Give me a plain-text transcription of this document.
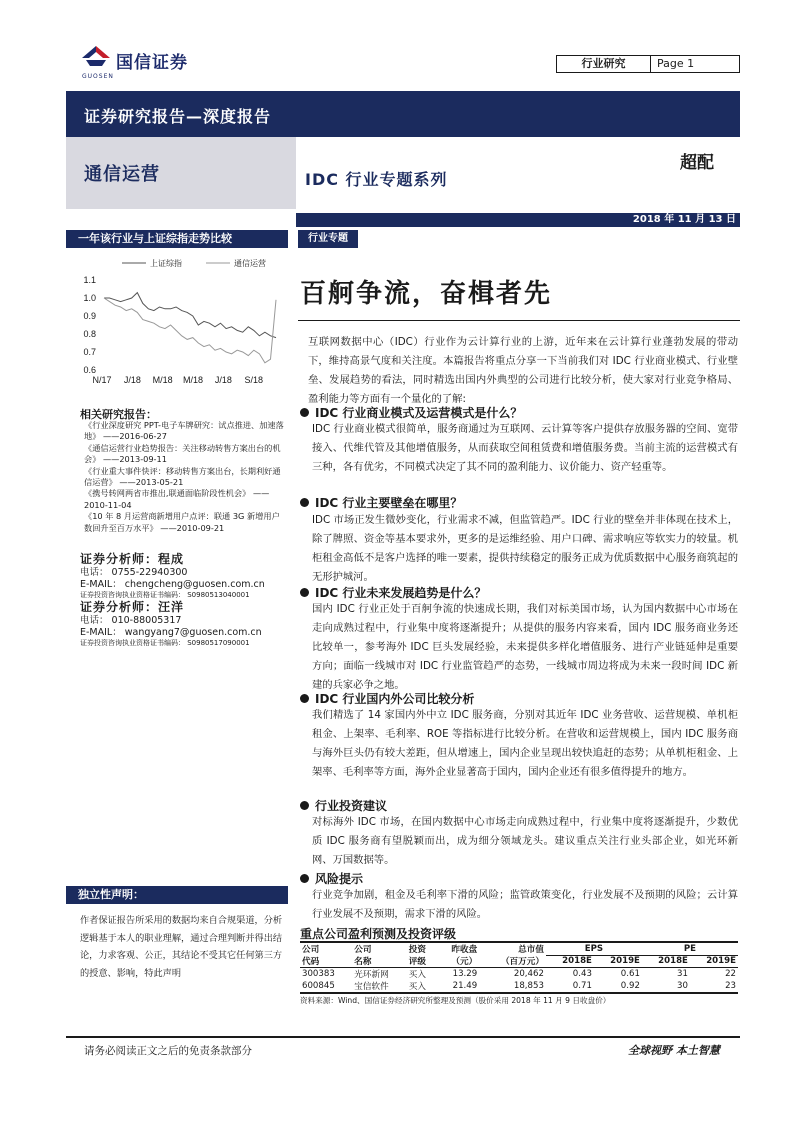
国信证券
GUOSEN
行业研究	Page 1
证券研究报告—深度报告
通信运营	IDC 行业专题系列
超配
2018 年 11 月 13 日
一年该行业与上证综指走势比较
1.1
1.0
0.9
0.8
0.7
0.6
N/17 J/18 M/18 M/18 J/18 S/18
上证综指	通信运营
相关研究报告：
《行业深度研究 PPT-电子车牌研究：试点推进、加速落地》 ——2016-06-27
《通信运营行业趋势报告：关注移动转售方案出台的机会》 ——2013-09-11
《行业重大事件快评：移动转售方案出台，长期利好通信运营》 ——2013-05-21
《携号转网两省市推出,联通面临阶段性机会》 ——2010-11-04
《10 年 8 月运营商新增用户点评：联通 3G 新增用户数回升至百万水平》 ——2010-09-21
证券分析师：程成
电话： 0755-22940300
E-MAIL： chengcheng@guosen.com.cn
证券投资咨询执业资格证书编码： S0980513040001
证券分析师：汪洋
电话： 010-88005317
E-MAIL： wangyang7@guosen.com.cn
证券投资咨询执业资格证书编码： S0980517090001
独立性声明：
作者保证报告所采用的数据均来自合规渠道，分析逻辑基于本人的职业理解，通过合理判断并得出结论，力求客观、公正，其结论不受其它任何第三方的授意、影响，特此声明
行业专题
百舸争流，奋楫者先
互联网数据中心（IDC）行业作为云计算行业的上游，近年来在云计算行业蓬勃发展的带动下，维持高景气度和关注度。本篇报告将重点分享一下当前我们对 IDC 行业商业模式、行业壁垒、发展趋势的看法，同时精选出国内外典型的公司进行比较分析，使大家对行业竞争格局、盈利能力等方面有一个量化的了解:
IDC 行业商业模式及运营模式是什么？
IDC 行业商业模式很简单，服务商通过为互联网、云计算等客户提供存放服务器的空间、宽带接入、代维代管及其他增值服务，从而获取空间租赁费和增值服务费。当前主流的运营模式有三种，各有优劣，不同模式决定了其不同的盈利能力、议价能力、资产轻重等。
IDC 行业主要壁垒在哪里？
IDC 市场正发生微妙变化，行业需求不减，但监管趋严。IDC 行业的壁垒并非体现在技术上，除了牌照、资金等基本要求外，更多的是运维经验、用户口碑、需求响应等软实力的较量。机柜租金高低不是客户选择的唯一要素，提供持续稳定的服务正成为优质数据中心服务商筑起的无形护城河。
IDC 行业未来发展趋势是什么？
国内 IDC 行业正处于百舸争流的快速成长期，我们对标美国市场，认为国内数据中心市场在走向成熟过程中，行业集中度将逐渐提升；从提供的服务内容来看，国内 IDC 服务商业务还比较单一，参考海外 IDC 巨头发展经验，未来提供多样化增值服务、进行产业链延伸是重要方向；面临一线城市对 IDC 行业监管趋严的态势，一线城市周边将成为未来一段时间 IDC 新建的兵家必争之地。
IDC 行业国内外公司比较分析
我们精选了 14 家国内外中立 IDC 服务商，分别对其近年 IDC 业务营收、运营规模、单机柜租金、上架率、毛利率、ROE 等指标进行比较分析。在营收和运营规模上，国内 IDC 服务商与海外巨头仍有较大差距，但从增速上，国内企业呈现出较快追赶的态势；从单机柜租金、上架率、毛利率等方面，海外企业显著高于国内，国内企业还有很多值得提升的地方。
行业投资建议
对标海外 IDC 市场，在国内数据中心市场走向成熟过程中，行业集中度将逐渐提升，少数优质 IDC 服务商有望脱颖而出，成为细分领域龙头。建议重点关注行业头部企业，如光环新网、万国数据等。
风险提示
行业竞争加剧，租金及毛利率下滑的风险；监管政策变化，行业发展不及预期的风险；云计算行业发展不及预期，需求下滑的风险。
重点公司盈利预测及投资评级
公司	公司	投资	昨收盘	总市值	EPS		PE	
代码	名称	评级	（元）	（百万元）	2018E	2019E	2018E	2019E
300383	光环新网	买入	13.29	20,462	0.43	0.61	31	22
600845	宝信软件	买入	21.49	18,853	0.71	0.92	30	23
资料来源：Wind、国信证券经济研究所整理及预测（股价采用 2018 年 11 月 9 日收盘价）
请务必阅读正文之后的免责条款部分	全球视野 本土智慧
